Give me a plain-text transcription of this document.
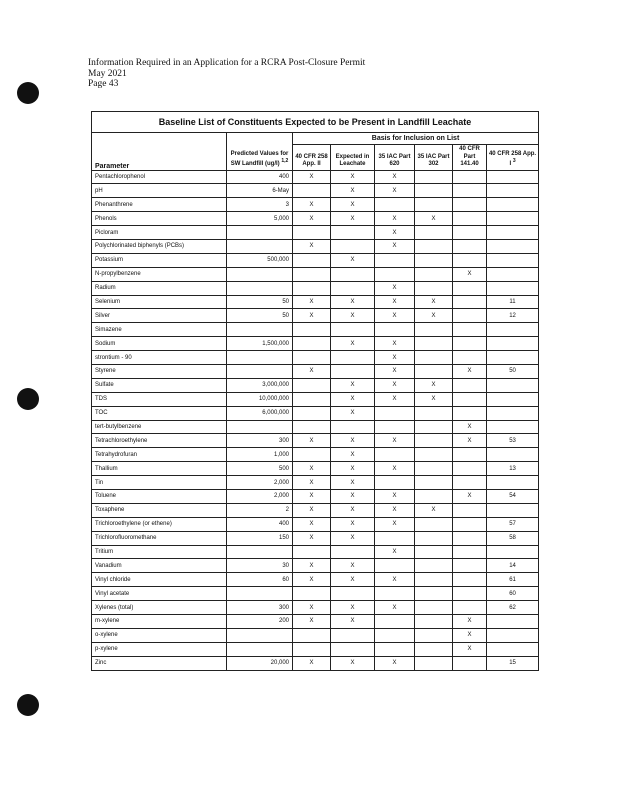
Information Required in an Application for a RCRA Post-Closure Permit
May 2021
Page 43
Baseline List of Constituents Expected to be Present in Landfill Leachate							
Parameter	Predicted Values for SW Landfill (ug/l) $^{1,2}$	Basis for Inclusion on List					
		40 CFR 258 App. II	Expected in Leachate	35 IAC Part 620	35 IAC Part 302	40 CFR Part 141.40	40 CFR 258 App. I $^3$
Pentachlorophenol	400	X	X	X			
pH	6-May		X	X			
Phenanthrene	3	X	X				
Phenols	5,000	X	X	X	X		
Picloram				X			
Polychlorinated biphenyls (PCBs)		X		X			
Potassium	500,000		X				
N-propylbenzene						X	
Radium				X			
Selenium	50	X	X	X	X		11
Silver	50	X	X	X	X		12
Simazene							
Sodium	1,500,000		X	X			
strontium - 90				X			
Styrene		X		X		X	50
Sulfate	3,000,000		X	X	X		
TDS	10,000,000		X	X	X		
TOC	6,000,000		X				
tert-butylbenzene						X	
Tetrachloroethylene	300	X	X	X		X	53
Tetrahydrofuran	1,000		X				
Thallium	500	X	X	X			13
Tin	2,000	X	X				
Toluene	2,000	X	X	X		X	54
Toxaphene	2	X	X	X	X		
Trichloroethylene (or ethene)	400	X	X	X			57
Trichlorofluoromethane	150	X	X				58
Tritium				X			
Vanadium	30	X	X				14
Vinyl chloride	60	X	X	X			61
Vinyl acetate							60
Xylenes (total)	300	X	X	X			62
m-xylene	200	X	X			X	
o-xylene						X	
p-xylene						X	
Zinc	20,000	X	X	X			15
